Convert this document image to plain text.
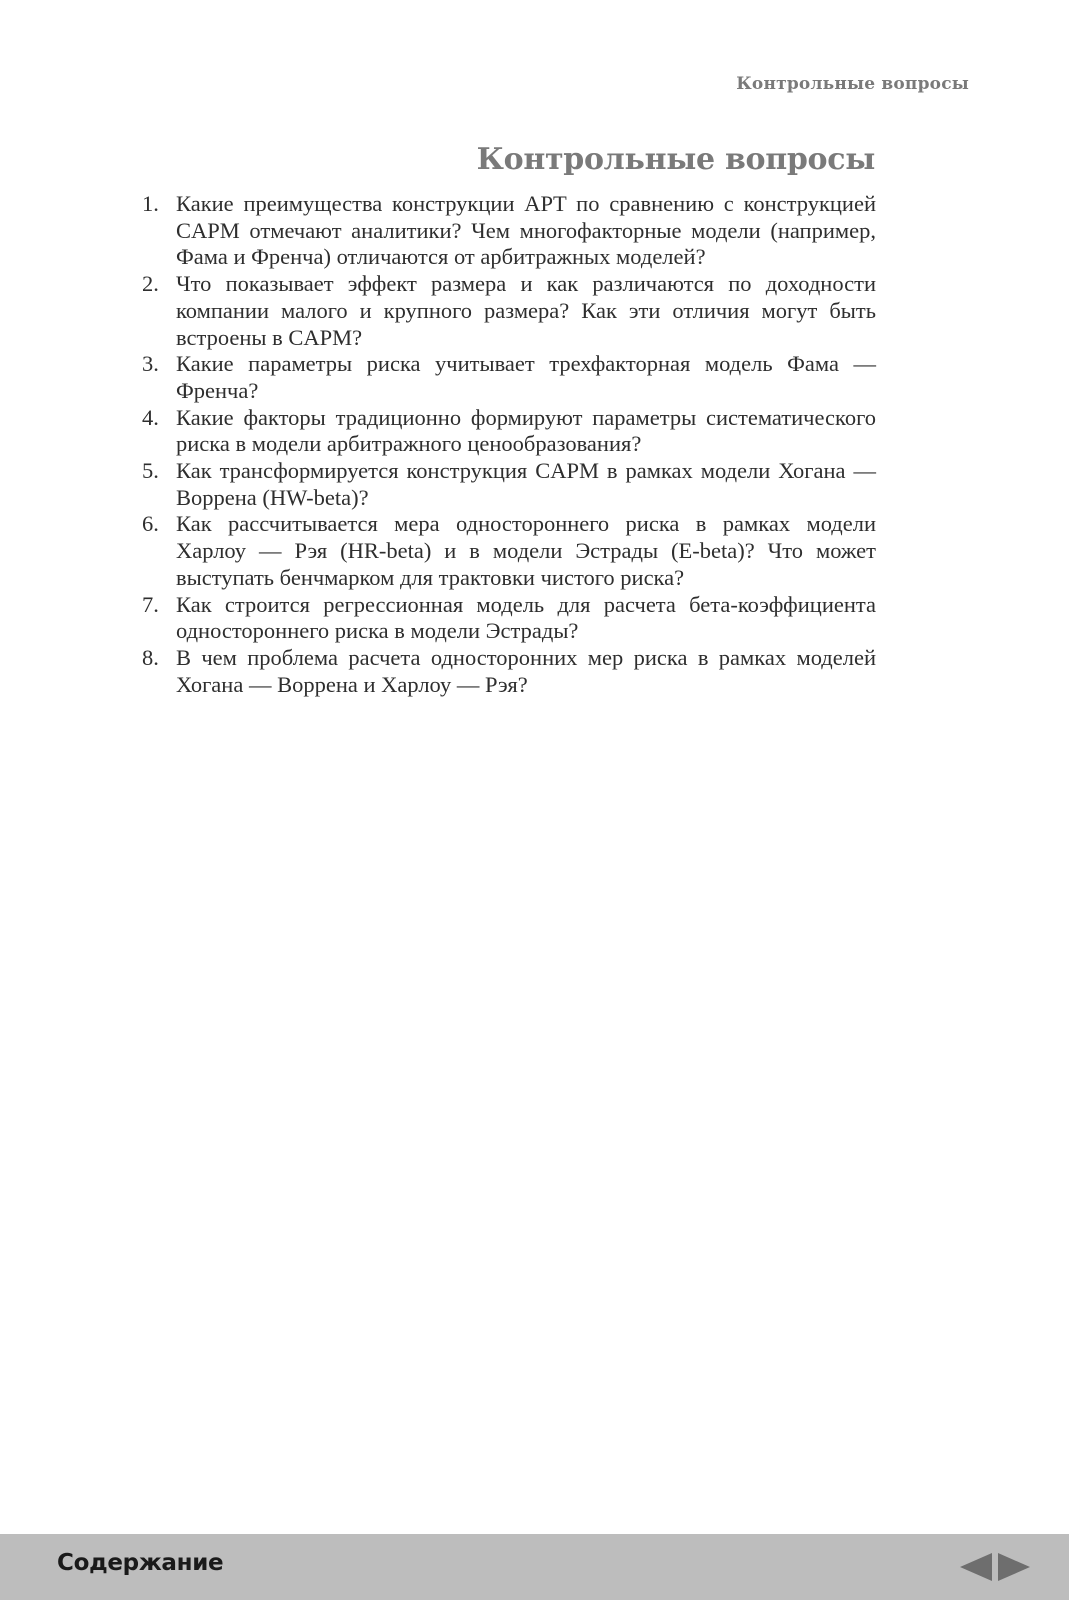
Контрольные вопросы
Контрольные вопросы
1. Какие преимущества конструкции APT по сравнению с конструкцией CAPM отмечают аналитики? Чем многофакторные модели (например, Фама и Френча) отличаются от арбитражных моделей?
2. Что показывает эффект размера и как различаются по доходности компании малого и крупного размера? Как эти отличия могут быть встроены в CAPM?
3. Какие параметры риска учитывает трехфакторная модель Фама — Френча?
4. Какие факторы традиционно формируют параметры систематического риска в модели арбитражного ценообразования?
5. Как трансформируется конструкция CAPM в рамках модели Хогана — Воррена (HW-beta)?
6. Как рассчитывается мера одностороннего риска в рамках модели Харлоу — Рэя (HR-beta) и в модели Эстрады (E-beta)? Что может выступать бенчмарком для трактовки чистого риска?
7. Как строится регрессионная модель для расчета бета-коэффициента одностороннего риска в модели Эстрады?
8. В чем проблема расчета односторонних мер риска в рамках моделей Хогана — Воррена и Харлоу — Рэя?
Содержание
